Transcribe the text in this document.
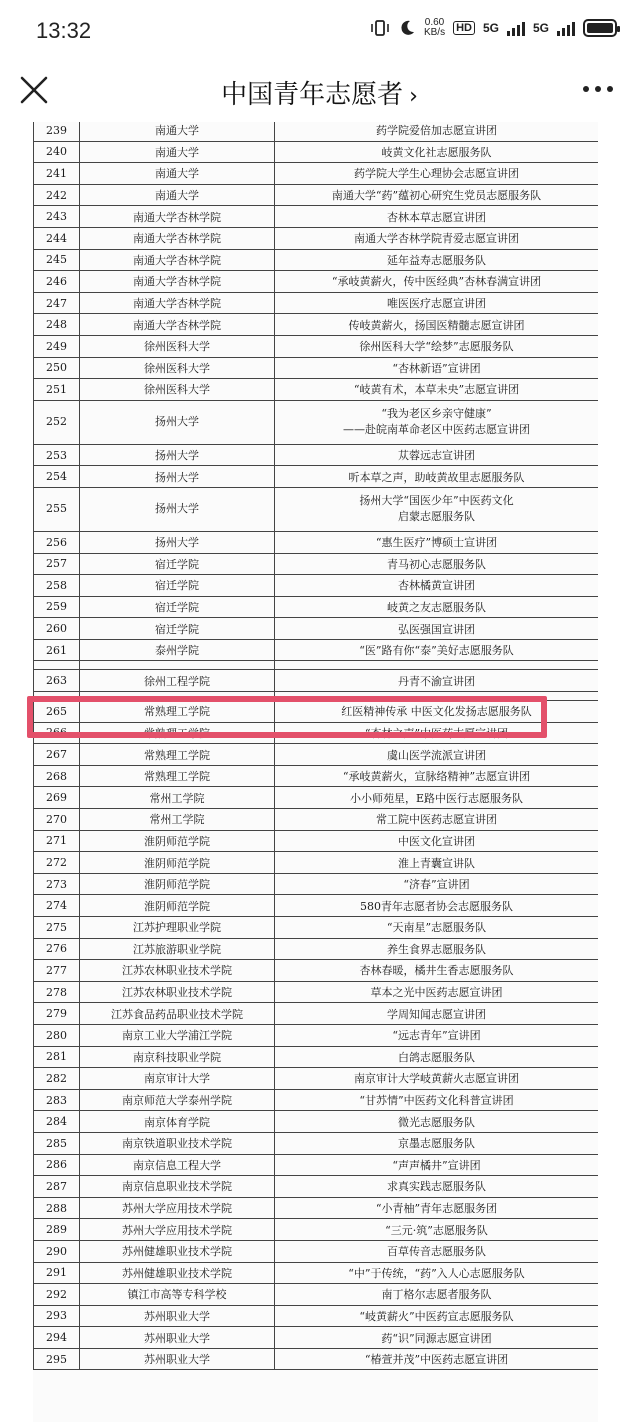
13:32	0.60
KB/s HD 5G	5G
中国青年志愿者 ›

239	南通大学	药学院爱倍加志愿宣讲团
240	南通大学	岐黄文化社志愿服务队
241	南通大学	药学院大学生心理协会志愿宣讲团
242	南通大学	南通大学“药”蕴初心研究生党员志愿服务队
243	南通大学杏林学院	杏林本草志愿宣讲团
244	南通大学杏林学院	南通大学杏林学院青爱志愿宣讲团
245	南通大学杏林学院	延年益寿志愿服务队
246	南通大学杏林学院	“承岐黄薪火，传中医经典”杏林春满宣讲团
247	南通大学杏林学院	唯医医疗志愿宣讲团
248	南通大学杏林学院	传岐黄薪火，扬国医精髓志愿宣讲团
249	徐州医科大学	徐州医科大学“绘梦”志愿服务队
250	徐州医科大学	“杏林新语”宣讲团
251	徐州医科大学	“岐黄有术，本草未央”志愿宣讲团
252	扬州大学	“我为老区乡亲守健康”
——赴皖南革命老区中医药志愿宣讲团

253	扬州大学	苁蓉远志宣讲团
254	扬州大学	听本草之声，助岐黄故里志愿服务队
255	扬州大学	扬州大学“国医少年”中医药文化
启蒙志愿服务队

256	扬州大学	“惠生医疗”博硕士宣讲团
257	宿迁学院	青马初心志愿服务队
258	宿迁学院	杏林橘黄宣讲团
259	宿迁学院	岐黄之友志愿服务队
260	宿迁学院	弘医强国宣讲团
261	泰州学院	“医”路有你“泰”美好志愿服务队

263	徐州工程学院	丹青不渝宣讲团

265	常熟理工学院	红医精神传承 中医文化发扬志愿服务队
266	常熟理工学院	“杏林之声”中医药志愿宣讲团
267	常熟理工学院	虞山医学流派宣讲团
268	常熟理工学院	“承岐黄薪火，宣脉络精神”志愿宣讲团
269	常州工学院	小小师苑星，E路中医行志愿服务队
270	常州工学院	常工院中医药志愿宣讲团
271	淮阴师范学院	中医文化宣讲团
272	淮阴师范学院	淮上青囊宣讲队
273	淮阴师范学院	“济春”宣讲团
274	淮阴师范学院	580青年志愿者协会志愿服务队
275	江苏护理职业学院	“天南星”志愿服务队
276	江苏旅游职业学院	养生食界志愿服务队
277	江苏农林职业技术学院	杏林春暖，橘井生香志愿服务队
278	江苏农林职业技术学院	草本之光中医药志愿宣讲团
279	江苏食品药品职业技术学院	学周知闻志愿宣讲团
280	南京工业大学浦江学院	“远志青年”宣讲团
281	南京科技职业学院	白鸽志愿服务队
282	南京审计大学	南京审计大学岐黄薪火志愿宣讲团
283	南京师范大学泰州学院	“甘苏情”中医药文化科普宣讲团
284	南京体育学院	微光志愿服务队
285	南京铁道职业技术学院	京墨志愿服务队
286	南京信息工程大学	“声声橘井”宣讲团
287	南京信息职业技术学院	求真实践志愿服务队
288	苏州大学应用技术学院	“小青柚”青年志愿服务团
289	苏州大学应用技术学院	“三元·筑”志愿服务队
290	苏州健雄职业技术学院	百草传音志愿服务队
291	苏州健雄职业技术学院	“中”于传统，“药”入人心志愿服务队
292	镇江市高等专科学校	南丁格尔志愿者服务队
293	苏州职业大学	“岐黄薪火”中医药宣志愿服务队
294	苏州职业大学	药“识”同源志愿宣讲团
295	苏州职业大学	“椿萱并茂”中医药志愿宣讲团
